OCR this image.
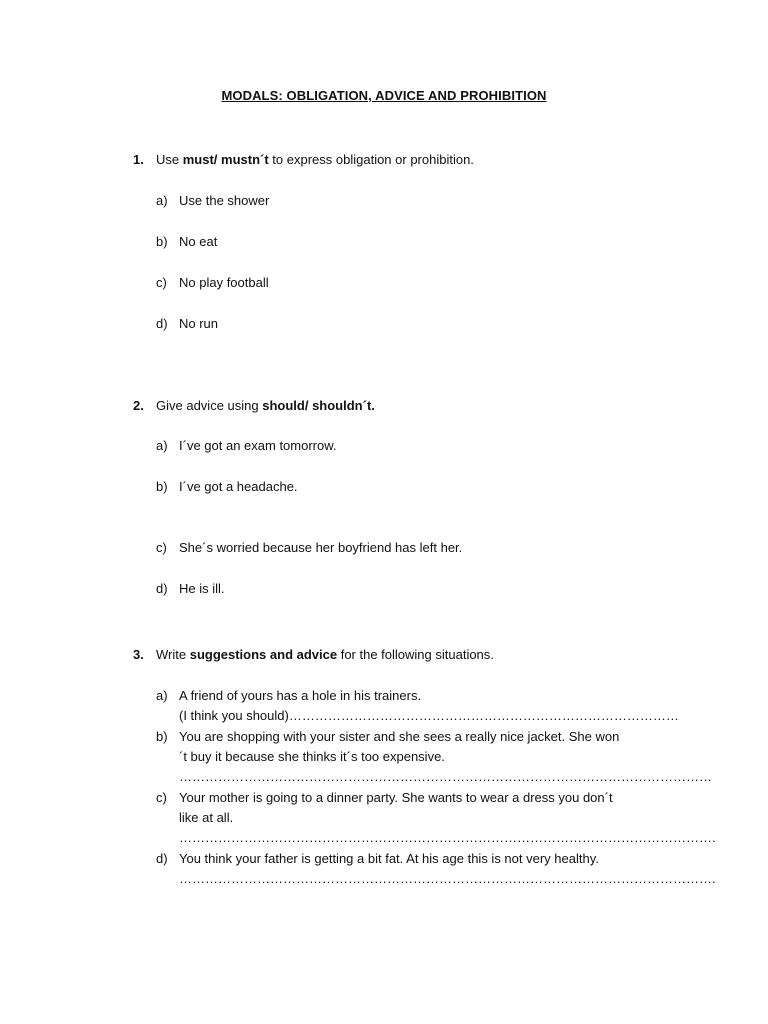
MODALS: OBLIGATION, ADVICE AND PROHIBITION
1. Use must/ mustn´t to express obligation or prohibition.
a) Use the shower
b) No eat
c) No play football
d) No run
2. Give advice using should/ shouldn´t.
a) I´ve got an exam tomorrow.
b) I´ve got a headache.
c) She´s worried because her boyfriend has left her.
d) He is ill.
3. Write suggestions and advice for the following situations.
a) A friend of yours has a hole in his trainers.
(I think you should)………………………………………………………………………………
b) You are shopping with your sister and she sees a really nice jacket. She won
´t buy it because she thinks it´s too expensive.
……………………………………………………………………………………………………………
c) Your mother is going to a dinner party. She wants to wear a dress you don´t
like at all.
…………………………………………………………………………………………………………….
d) You think your father is getting a bit fat. At his age this is not very healthy.
…………………………………………………………………………………………………………….
